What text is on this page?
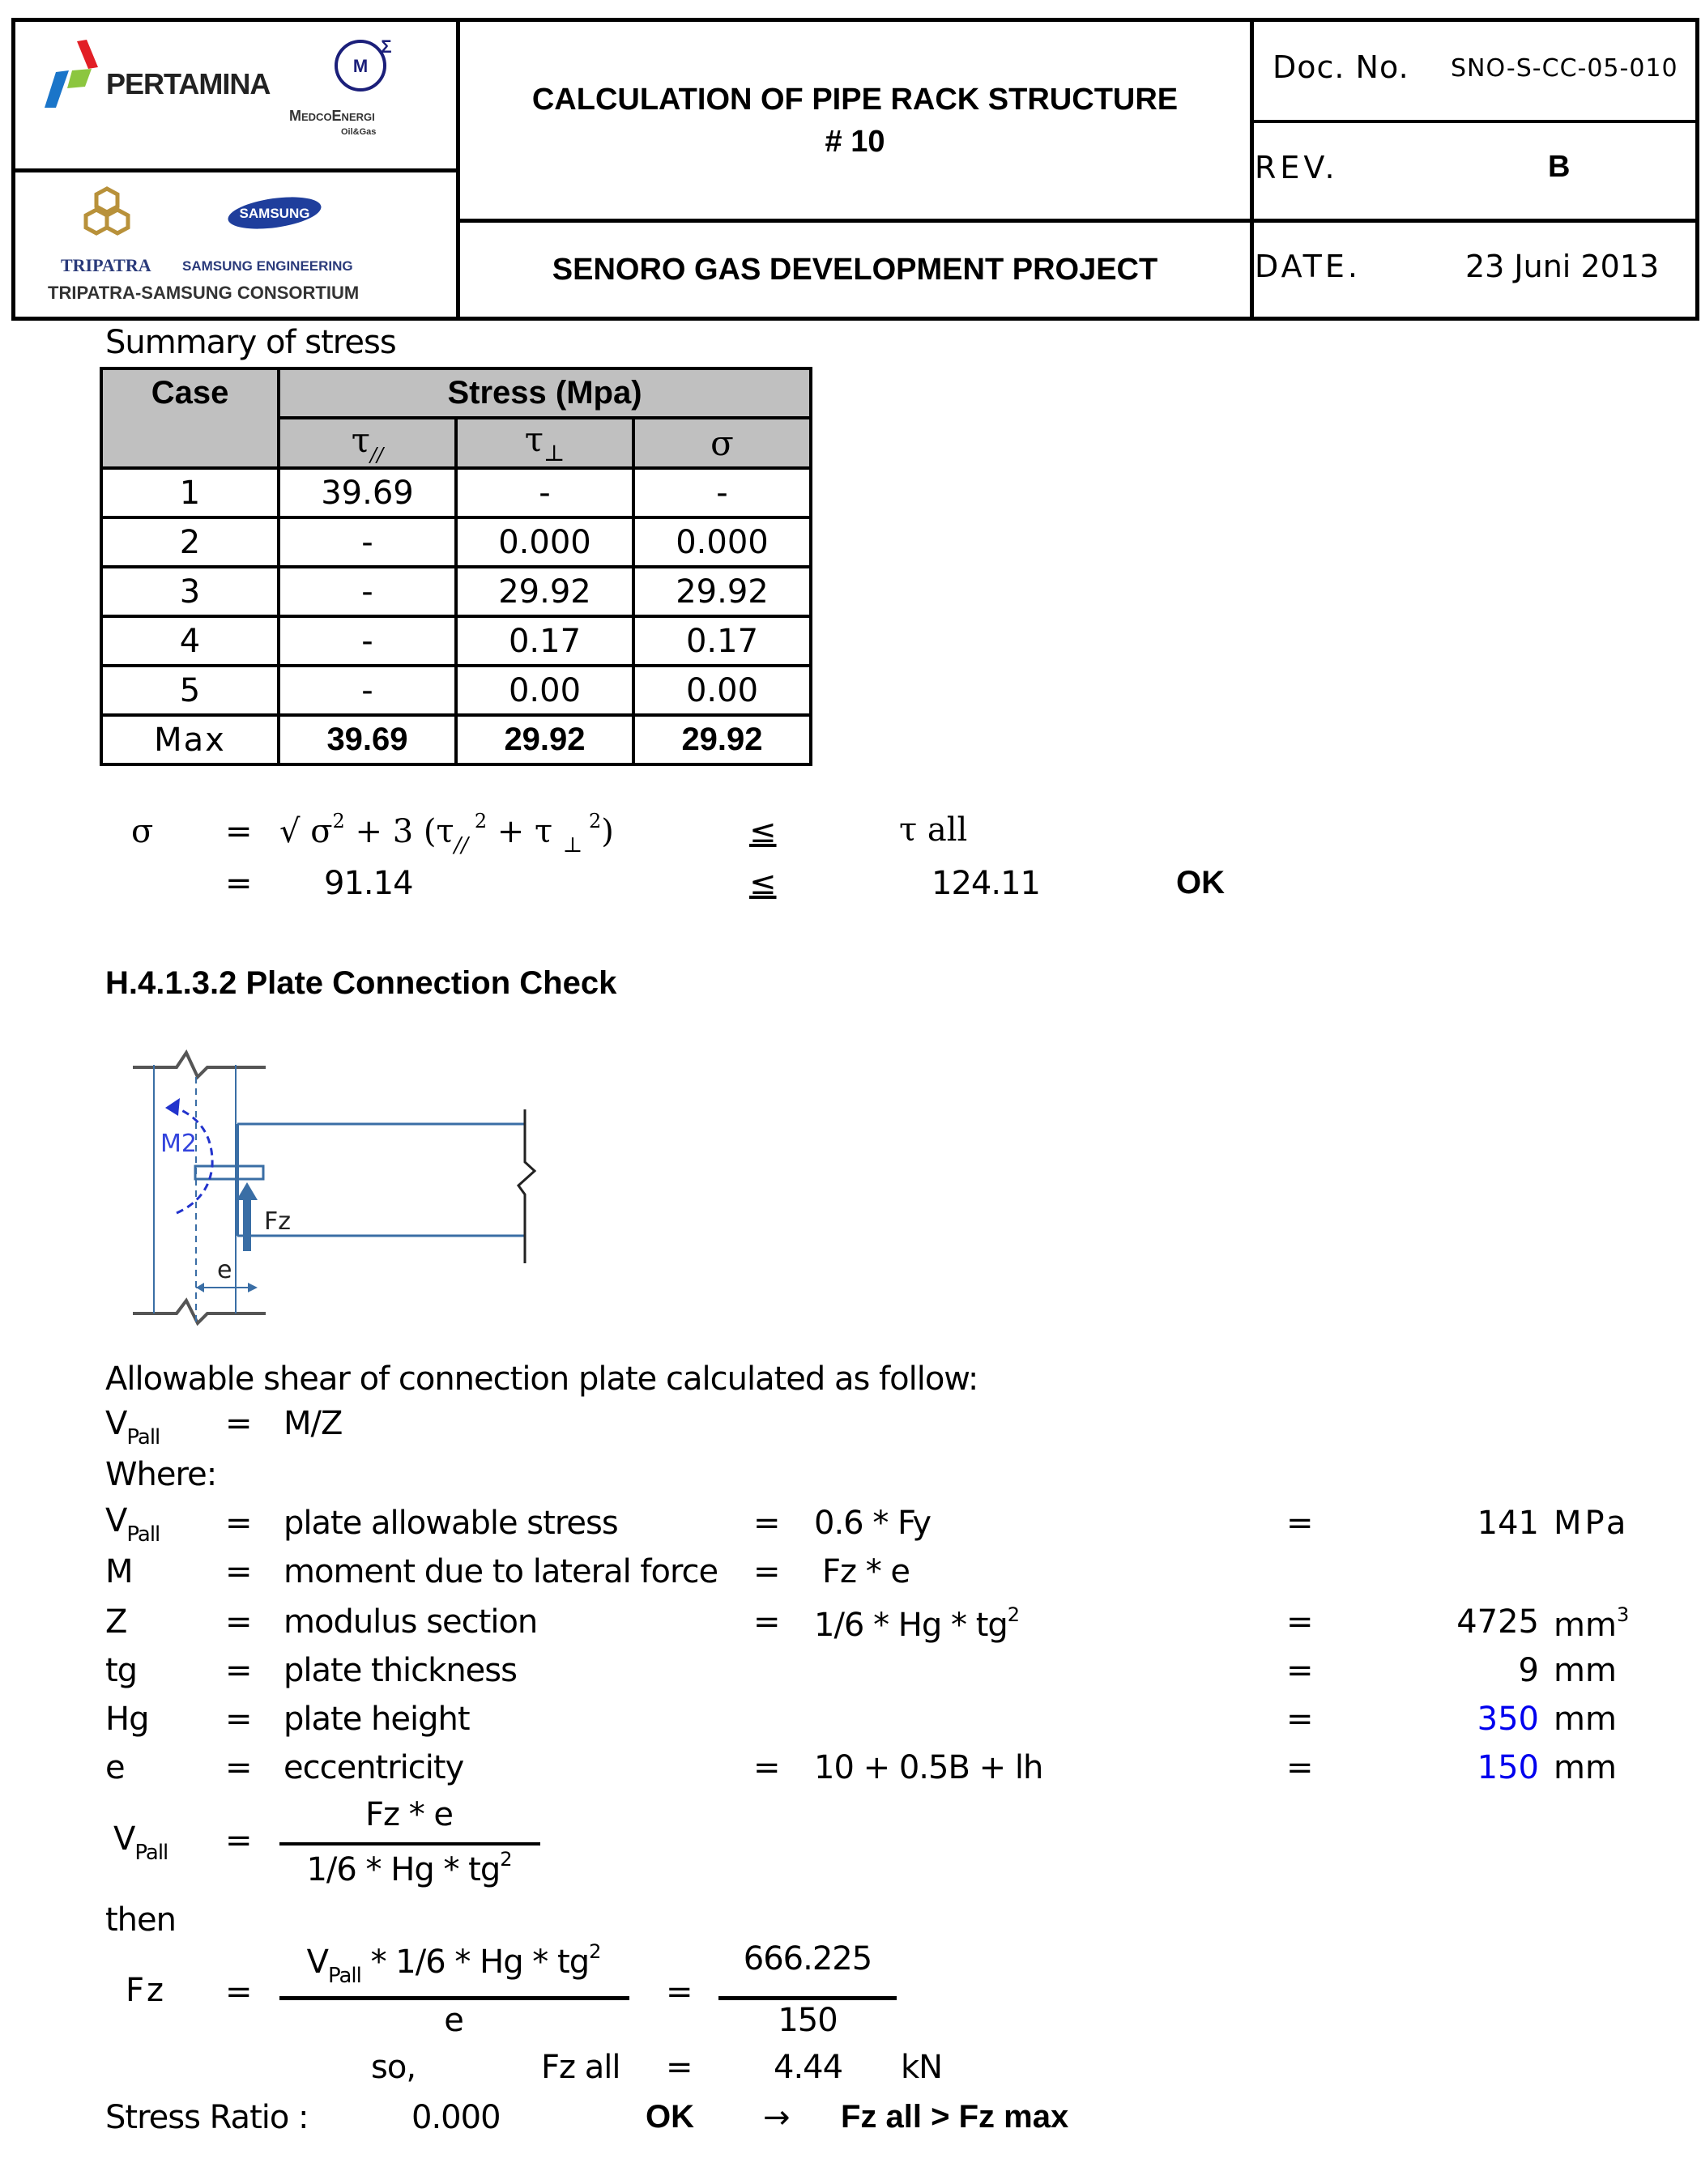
PERTAMINA
M
Σ
MedcoEnergi
Oil&Gas
SAMSUNG
TRIPATRA SAMSUNG ENGINEERING
TRIPATRA-SAMSUNG CONSORTIUM
CALCULATION OF PIPE RACK STRUCTURE
# 10
SENORO GAS DEVELOPMENT PROJECT
Doc. No. SNO-S-CC-05-010
REV.	B
DATE.	23 Juni 2013
Summary of stress
Case	Stress (Mpa)		
	$\tau_{//}$	$\tau_\perp$	σ
1	39.69	-	-
2	-	0.000	0.000
3	-	29.92	29.92
4	-	0.17	0.17
5	-	0.00	0.00
Max	39.69	29.92	29.92
σ = √ $\sigma^2 + 3$ ($\tau_{//}$ $^2$ + τ $_\perp$ $^2$)	≤	τ all
= 91.14	≤	124.11	OK
H.4.1.3.2 Plate Connection Check
Fz
M2
e
Allowable shear of connection plate calculated as follow:
$V_{Pall} = M/Z$
Where:
$V_{Pall}$ = plate allowable stress	= 0.6 * Fy	=	141 MPa
M	= moment due to lateral force = Fz * e
Z	= modulus section	= 1/6 * Hg * $tg^2$	=	4725 $mm^3$
tg	= plate thickness	=	9 mm
Hg = plate height	=	350 mm
e	= eccentricity	= 10 + 0.5B + lh	=	150 mm
$V_{Pall}$ =
Fz * e
1/6 * Hg * $tg^2$
then
Fz =
$V_{Pall} * 1/6$ * Hg * $tg^2$
e
=
666.225
150
so,	Fz all = 4.44 kN
Stress Ratio :	0.000	OK → Fz all > Fz max
